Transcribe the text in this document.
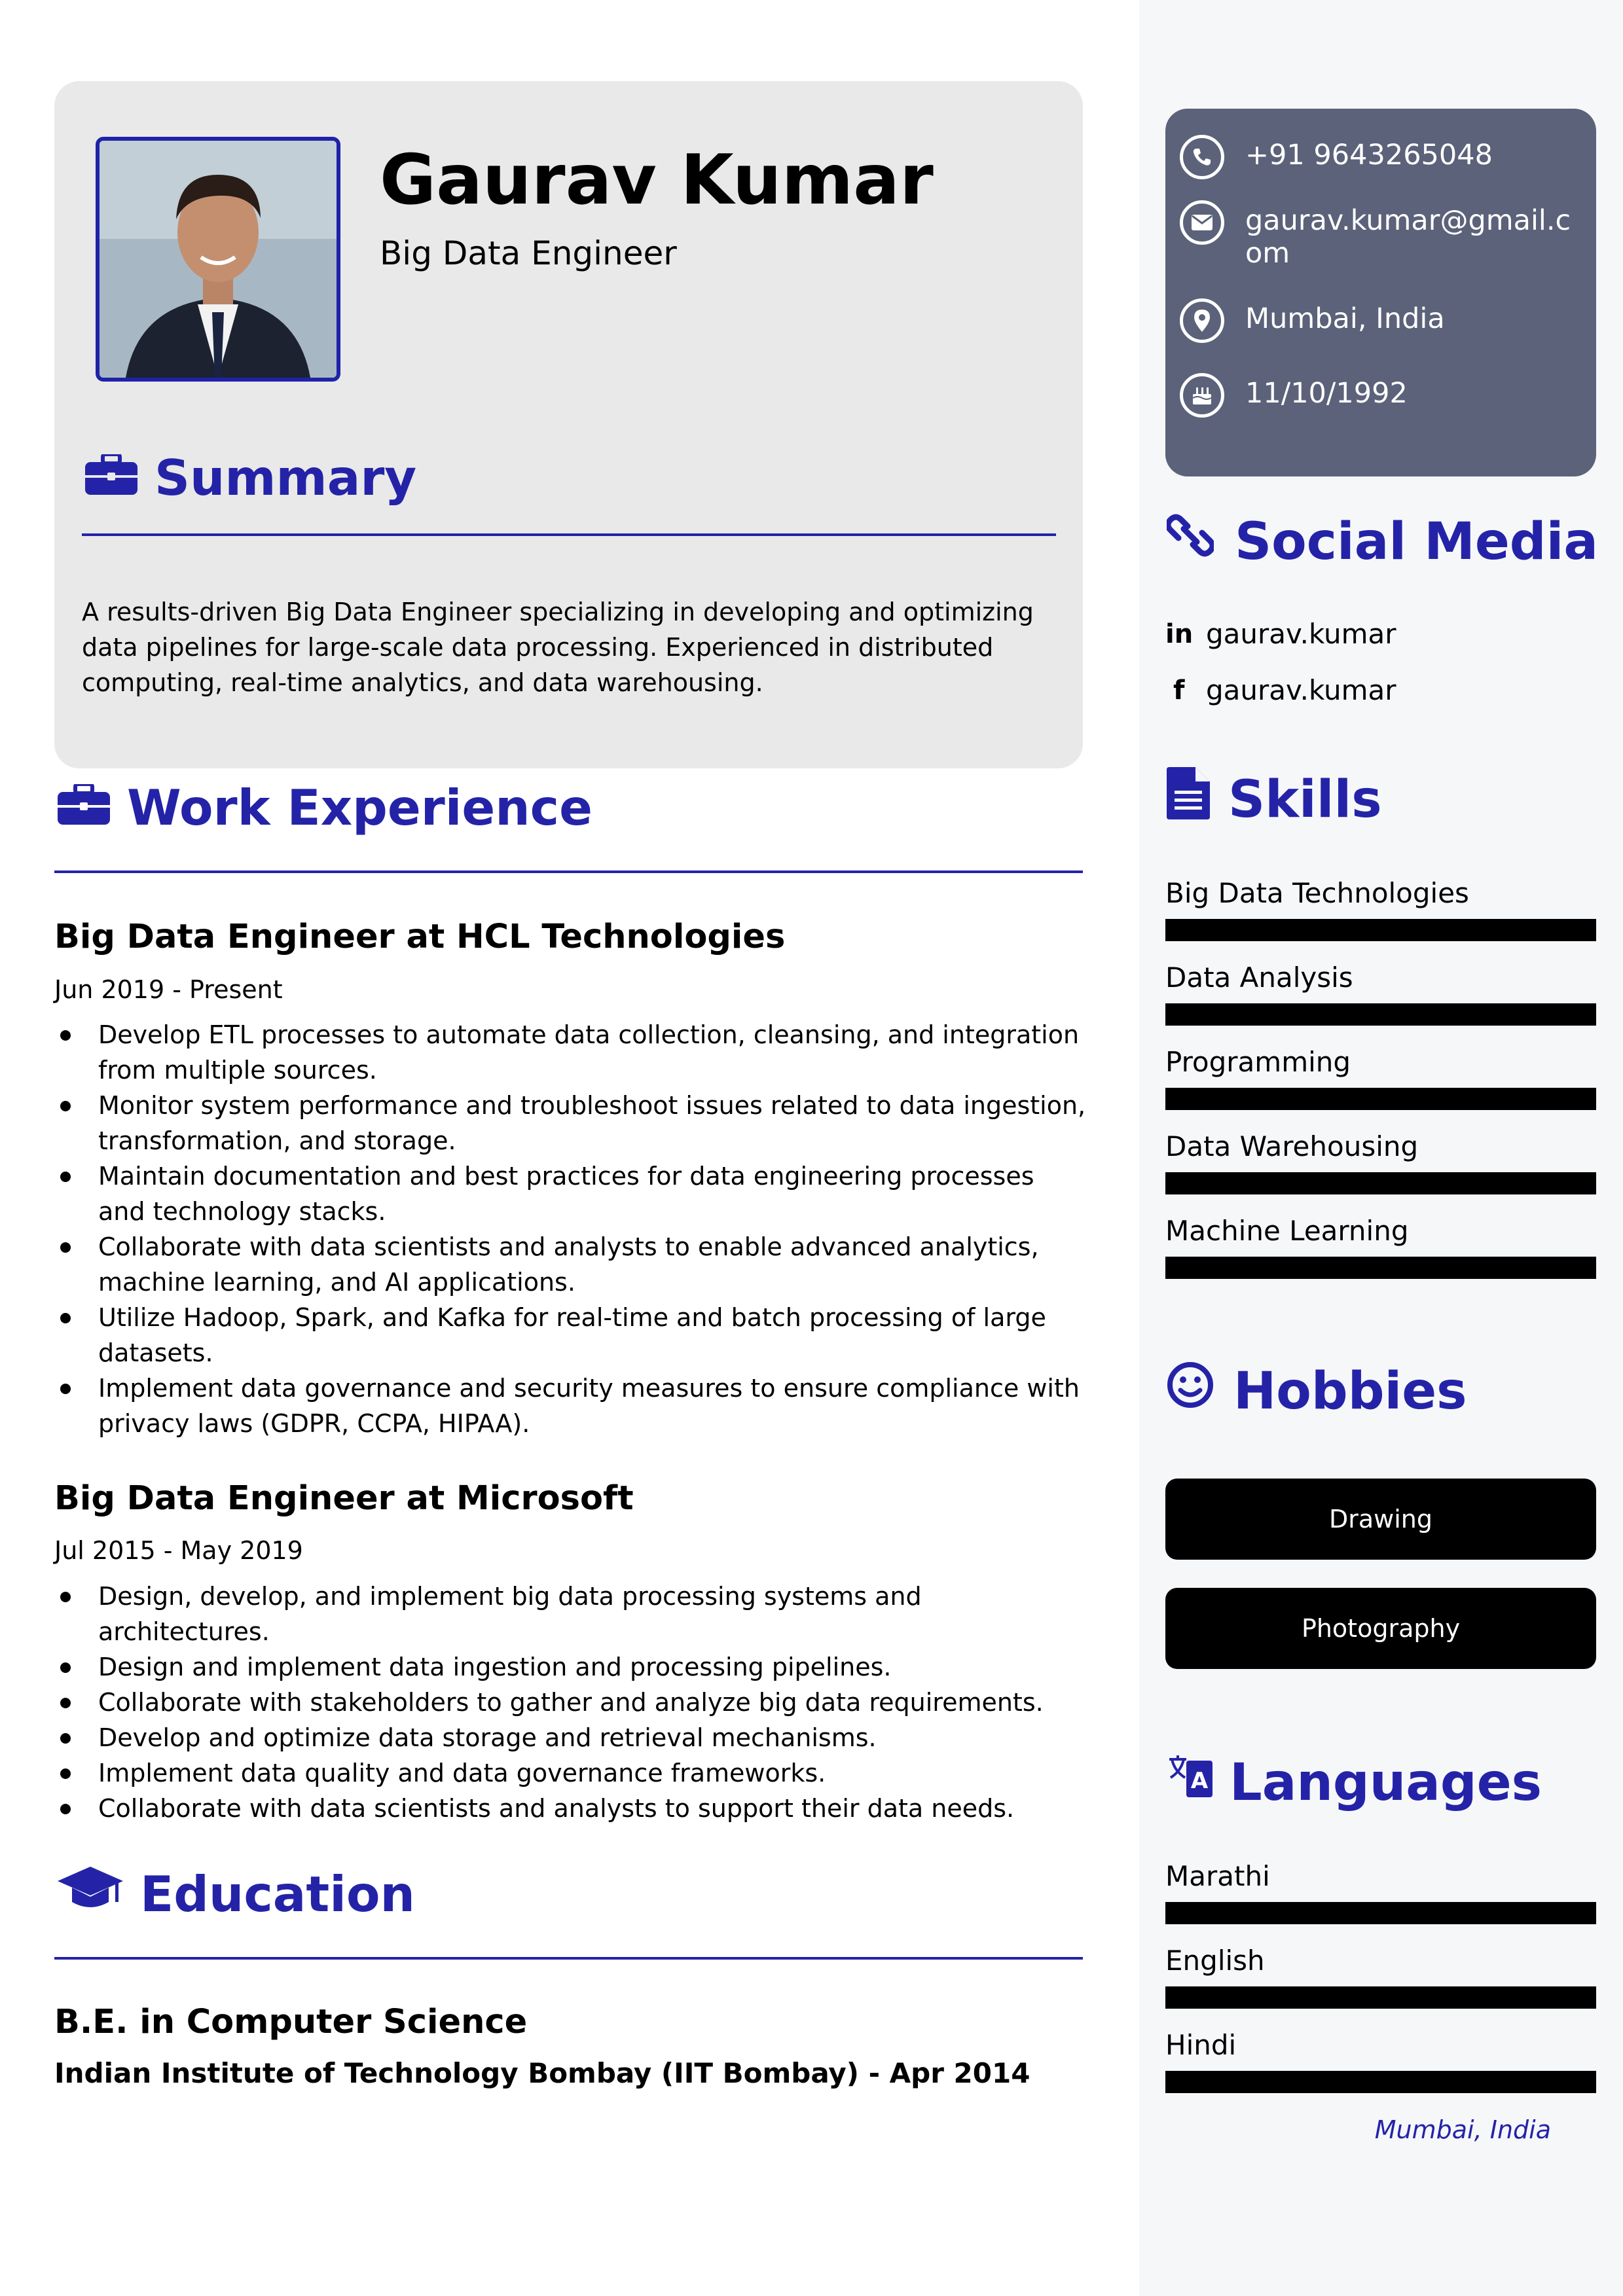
Gaurav Kumar
Big Data Engineer
Summary
A results-driven Big Data Engineer specializing in developing and optimizing data pipelines for large-scale data processing. Experienced in distributed computing, real-time analytics, and data warehousing.
Work Experience
Big Data Engineer at HCL Technologies
Jun 2019 - Present
Develop ETL processes to automate data collection, cleansing, and integration from multiple sources.
Monitor system performance and troubleshoot issues related to data ingestion, transformation, and storage.
Maintain documentation and best practices for data engineering processes and technology stacks.
Collaborate with data scientists and analysts to enable advanced analytics, machine learning, and AI applications.
Utilize Hadoop, Spark, and Kafka for real-time and batch processing of large datasets.
Implement data governance and security measures to ensure compliance with privacy laws (GDPR, CCPA, HIPAA).
Big Data Engineer at Microsoft
Jul 2015 - May 2019
Design, develop, and implement big data processing systems and architectures.
Design and implement data ingestion and processing pipelines.
Collaborate with stakeholders to gather and analyze big data requirements.
Develop and optimize data storage and retrieval mechanisms.
Implement data quality and data governance frameworks.
Collaborate with data scientists and analysts to support their data needs.
Education
B.E. in Computer Science
Indian Institute of Technology Bombay (IIT Bombay) - Apr 2014
Mumbai, India
+91 9643265048
gaurav.kumar@gmail.com
Mumbai, India
11/10/1992
Social Media
in gaurav.kumar
f gaurav.kumar
Skills
Big Data Technologies
Data Analysis
Programming
Data Warehousing
Machine Learning
Hobbies
Drawing
Photography
A Languages
Marathi
English
Hindi
